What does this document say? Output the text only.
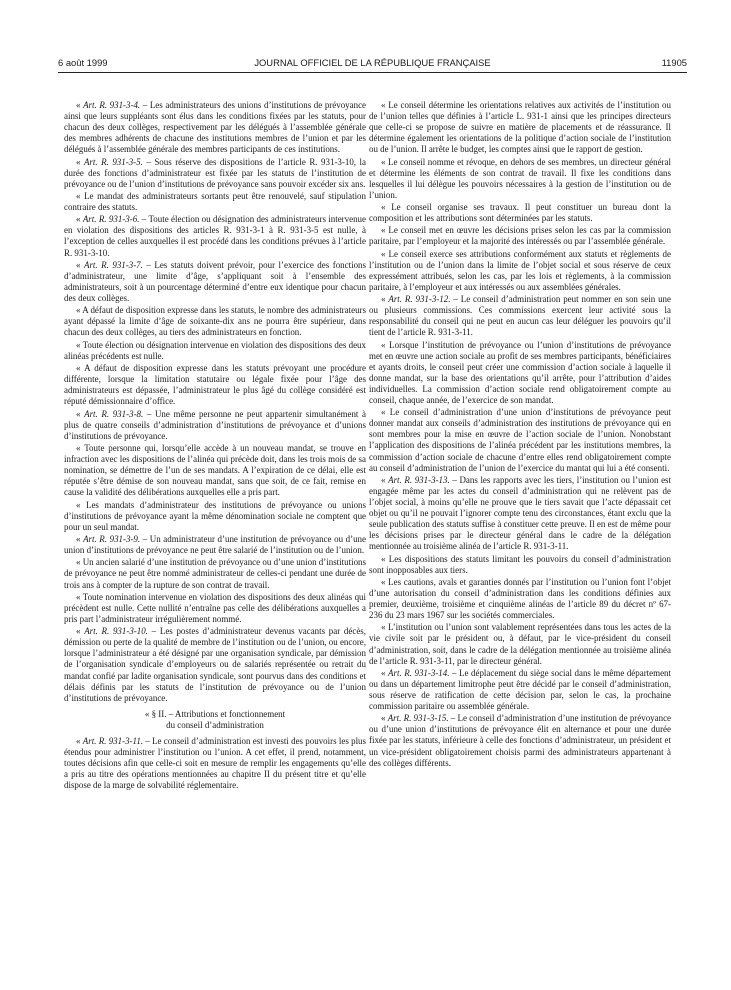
6 août 1999	JOURNAL OFFICIEL DE LA RÉPUBLIQUE FRANÇAISE	11905

« Art. R. 931-3-4. – Les administrateurs des unions d’institutions de prévoyance ainsi que leurs suppléants sont élus dans les conditions fixées par les statuts, pour chacun des deux collèges, respectivement par les délégués à l’assemblée générale des membres adhérents de chacune des institutions membres de l’union et par les délégués à l’assemblée générale des membres participants de ces institutions.

« Art. R. 931-3-5. – Sous réserve des dispositions de l’article R. 931-3-10, la durée des fonctions d’administrateur est fixée par les statuts de l’institution de prévoyance ou de l’union d’institutions de prévoyance sans pouvoir excéder six ans.

« Le mandat des administrateurs sortants peut être renouvelé, sauf stipulation contraire des statuts.

« Art. R. 931-3-6. – Toute élection ou désignation des administrateurs intervenue en violation des dispositions des articles R. 931-3-1 à R. 931-3-5 est nulle, à l’exception de celles auxquelles il est procédé dans les conditions prévues à l’article R. 931-3-10.

« Art. R. 931-3-7. – Les statuts doivent prévoir, pour l’exercice des fonctions d’administrateur, une limite d’âge, s’appliquant soit à l’ensemble des administrateurs, soit à un pourcentage déterminé d’entre eux identique pour chacun des deux collèges.

« A défaut de disposition expresse dans les statuts, le nombre des administrateurs ayant dépassé la limite d’âge de soixante-dix ans ne pourra être supérieur, dans chacun des deux collèges, au tiers des administrateurs en fonction.

« Toute élection ou désignation intervenue en violation des dispositions des deux alinéas précédents est nulle.

« A défaut de disposition expresse dans les statuts prévoyant une procédure différente, lorsque la limitation statutaire ou légale fixée pour l’âge des administrateurs est dépassée, l’administrateur le plus âgé du collège considéré est réputé démissionnaire d’office.

« Art. R. 931-3-8. – Une même personne ne peut appartenir simultanément à plus de quatre conseils d’administration d’institutions de prévoyance et d’unions d’institutions de prévoyance.

« Toute personne qui, lorsqu’elle accède à un nouveau mandat, se trouve en infraction avec les dispositions de l’alinéa qui précède doit, dans les trois mois de sa nomination, se démettre de l’un de ses mandats. A l’expiration de ce délai, elle est réputée s’être démise de son nouveau mandat, sans que soit, de ce fait, remise en cause la validité des délibérations auxquelles elle a pris part.

« Les mandats d’administrateur des institutions de prévoyance ou unions d’institutions de prévoyance ayant la même dénomination sociale ne comptent que pour un seul mandat.

« Art. R. 931-3-9. – Un administrateur d’une institution de prévoyance ou d’une union d’institutions de prévoyance ne peut être salarié de l’institution ou de l’union.

« Un ancien salarié d’une institution de prévoyance ou d’une union d’institutions de prévoyance ne peut être nommé administrateur de celles-ci pendant une durée de trois ans à compter de la rupture de son contrat de travail.

« Toute nomination intervenue en violation des dispositions des deux alinéas qui précèdent est nulle. Cette nullité n’entraîne pas celle des délibérations auxquelles a pris part l’administrateur irrégulièrement nommé.

« Art. R. 931-3-10. – Les postes d’administrateur devenus vacants par décès, démission ou perte de la qualité de membre de l’institution ou de l’union, ou encore, lorsque l’administrateur a été désigné par une organisation syndicale, par démission de l’organisation syndicale d’employeurs ou de salariés représentée ou retrait du mandat confié par ladite organisation syndicale, sont pourvus dans des conditions et délais définis par les statuts de l’institution de prévoyance ou de l’union d’institutions de prévoyance.

« § II. – Attributions et fonctionnement
du conseil d’administration

« Art. R. 931-3-11. – Le conseil d’administration est investi des pouvoirs les plus étendus pour administrer l’institution ou l’union. A cet effet, il prend, notamment, toutes décisions afin que celle-ci soit en mesure de remplir les engagements qu’elle a pris au titre des opérations mentionnées au chapitre II du présent titre et qu’elle dispose de la marge de solvabilité réglementaire.

« Le conseil détermine les orientations relatives aux activités de l’institution ou de l’union telles que définies à l’article L. 931-1 ainsi que les principes directeurs que celle-ci se propose de suivre en matière de placements et de réassurance. Il détermine également les orientations de la politique d’action sociale de l’institution ou de l’union. Il arrête le budget, les comptes ainsi que le rapport de gestion.

« Le conseil nomme et révoque, en dehors de ses membres, un directeur général et détermine les éléments de son contrat de travail. Il fixe les conditions dans lesquelles il lui délègue les pouvoirs nécessaires à la gestion de l’institution ou de l’union.

« Le conseil organise ses travaux. Il peut constituer un bureau dont la composition et les attributions sont déterminées par les statuts.

« Le conseil met en œuvre les décisions prises selon les cas par la commission paritaire, par l’employeur et la majorité des intéressés ou par l’assemblée générale.

« Le conseil exerce ses attributions conformément aux statuts et règlements de l’institution ou de l’union dans la limite de l’objet social et sous réserve de ceux expressément attribués, selon les cas, par les lois et règlements, à la commission paritaire, à l’employeur et aux intéressés ou aux assemblées générales.

« Art. R. 931-3-12. – Le conseil d’administration peut nommer en son sein une ou plusieurs commissions. Ces commissions exercent leur activité sous la responsabilité du conseil qui ne peut en aucun cas leur déléguer les pouvoirs qu’il tient de l’article R. 931-3-11.

« Lorsque l’institution de prévoyance ou l’union d’institutions de prévoyance met en œuvre une action sociale au profit de ses membres participants, bénéficiaires et ayants droits, le conseil peut créer une commission d’action sociale à laquelle il donne mandat, sur la base des orientations qu’il arrête, pour l’attribution d’aides individuelles. La commission d’action sociale rend obligatoirement compte au conseil, chaque année, de l’exercice de son mandat.

« Le conseil d’administration d’une union d’institutions de prévoyance peut donner mandat aux conseils d’administration des institutions de prévoyance qui en sont membres pour la mise en œuvre de l’action sociale de l’union. Nonobstant l’application des dispositions de l’alinéa précédent par les institutions membres, la commission d’action sociale de chacune d’entre elles rend obligatoirement compte au conseil d’administration de l’union de l’exercice du mantat qui lui a été consenti.

« Art. R. 931-3-13. – Dans les rapports avec les tiers, l’institution ou l’union est engagée même par les actes du conseil d’administration qui ne relèvent pas de l’objet social, à moins qu’elle ne prouve que le tiers savait que l’acte dépassait cet objet ou qu’il ne pouvait l’ignorer compte tenu des circonstances, étant exclu que la seule publication des statuts suffise à constituer cette preuve. Il en est de même pour les décisions prises par le directeur général dans le cadre de la délégation mentionnée au troisième alinéa de l’article R. 931-3-11.

« Les dispositions des statuts limitant les pouvoirs du conseil d’administration sont inopposables aux tiers.

« Les cautions, avals et garanties donnés par l’institution ou l’union font l’objet d’une autorisation du conseil d’administration dans les conditions définies aux premier, deuxième, troisième et cinquième alinéas de l’article 89 du décret nº 67-236 du 23 mars 1967 sur les sociétés commerciales.

« L’institution ou l’union sont valablement représentées dans tous les actes de la vie civile soit par le président ou, à défaut, par le vice-président du conseil d’administration, soit, dans le cadre de la délégation mentionnée au troisième alinéa de l’article R. 931-3-11, par le directeur général.

« Art. R. 931-3-14. – Le déplacement du siège social dans le même département ou dans un département limitrophe peut être décidé par le conseil d’administration, sous réserve de ratification de cette décision par, selon le cas, la prochaine commission paritaire ou assemblée générale.

« Art. R. 931-3-15. – Le conseil d’administration d’une institution de prévoyance ou d’une union d’institutions de prévoyance élit en alternance et pour une durée fixée par les statuts, inférieure à celle des fonctions d’administrateur, un président et un vice-président obligatoirement choisis parmi des administrateurs appartenant à des collèges différents.
